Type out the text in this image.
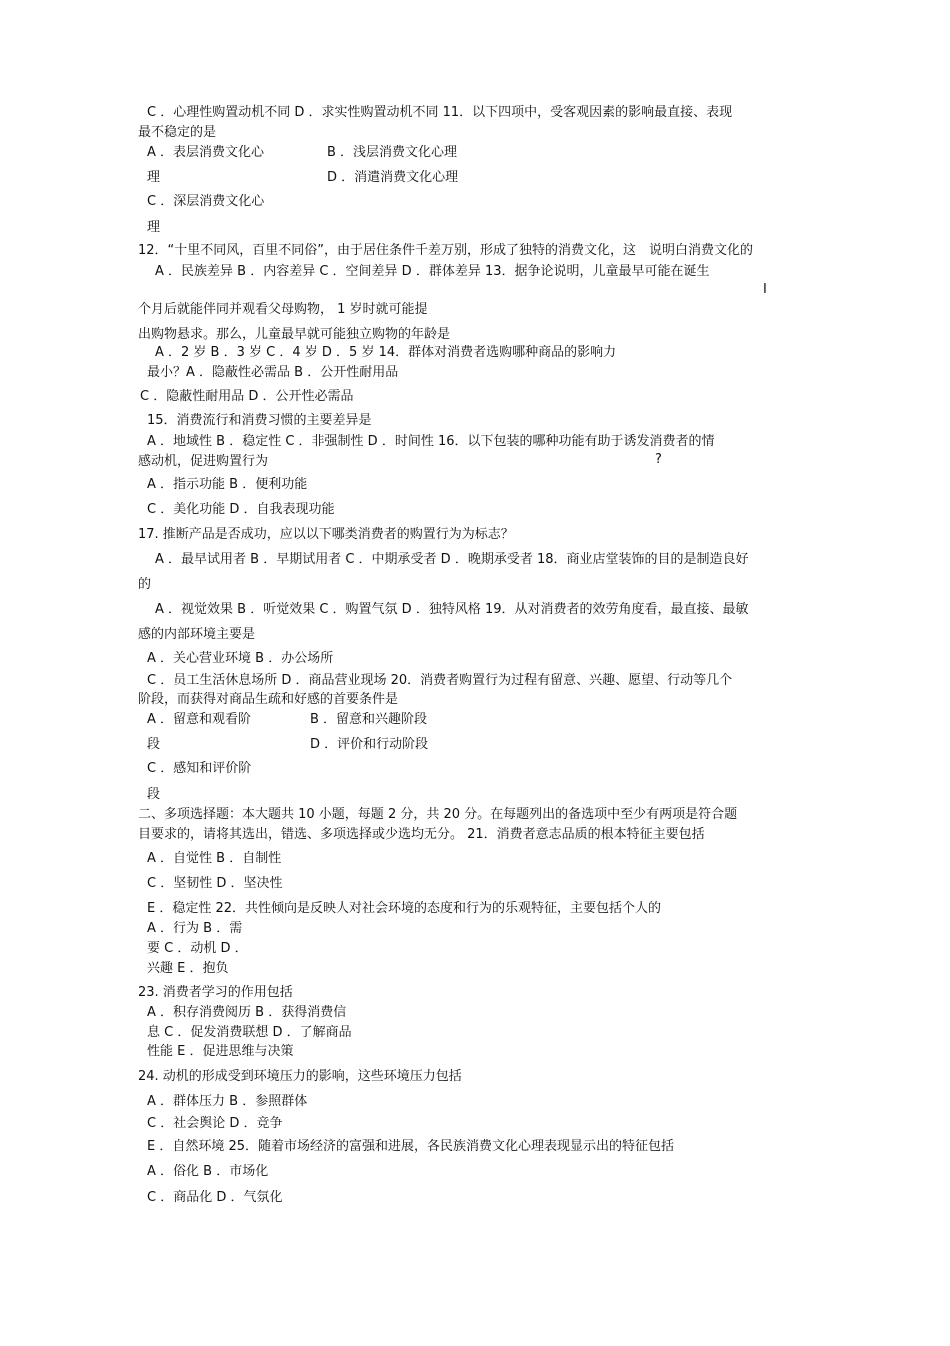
C ．心理性购置动机不同 D ．求实性购置动机不同 11．以下四项中，受客观因素的影响最直接、表现
最不稳定的是
A ．表层消费文化心	B ．浅层消费文化心理
理	D ．消遣消费文化心理
C ．深层消费文化心
理
12．“十里不同风，百里不同俗”，由于居住条件千差万别，形成了独特的消费文化，这　说明白消费文化的
A ．民族差异 B ．内容差异 C ．空间差异 D ．群体差异 13．据争论说明，儿童最早可能在诞生
I
个月后就能伴同并观看父母购物， 1 岁时就可能提
出购物悬求。那么，儿童最早就可能独立购物的年龄是
A ．2 岁 B ．3 岁 C ．4 岁 D ．5 岁 14．群体对消费者选购哪种商品的影响力
最小？A ．隐蔽性必需品 B ．公开性耐用品
C ．隐蔽性耐用品 D ．公开性必需品
15．消费流行和消费习惯的主要差异是
A ．地域性 B ．稳定性 C ．非强制性 D ．时间性 16．以下包装的哪种功能有助于诱发消费者的情
感动机，促进购置行为	?
A ．指示功能 B ．便利功能
C ．美化功能 D ．自我表现功能
17. 推断产品是否成功，应以以下哪类消费者的购置行为为标志？
A ．最早试用者 B ．早期试用者 C ．中期承受者 D ．晚期承受者 18．商业店堂装饰的目的是制造良好
的
A ．视觉效果 B ．听觉效果 C ．购置气氛 D ．独特风格 19．从对消费者的效劳角度看，最直接、最敏
感的内部环境主要是
A ．关心营业环境 B ．办公场所
C ．员工生活休息场所 D ．商品营业现场 20．消费者购置行为过程有留意、兴趣、愿望、行动等几个
阶段，而获得对商品生疏和好感的首要条件是
A ．留意和观看阶	B ．留意和兴趣阶段
段	D ．评价和行动阶段
C ．感知和评价阶
段
二、多项选择题：本大题共 10 小题，每题 2 分，共 20 分。在每题列出的备选项中至少有两项是符合题
目要求的，请将其选出，错选、多项选择或少选均无分。 21．消费者意志品质的根本特征主要包括
A ．自觉性 B ．自制性
C ．坚韧性 D ．坚决性
E ．稳定性 22．共性倾向是反映人对社会环境的态度和行为的乐观特征，主要包括个人的
A ．行为 B ．需
要 C ．动机 D ．
兴趣 E ．抱负
23. 消费者学习的作用包括
A ．积存消费阅历 B ．获得消费信
息 C ．促发消费联想 D ．了解商品
性能 E ．促进思维与决策
24. 动机的形成受到环境压力的影响，这些环境压力包括
A ．群体压力 B ．参照群体
C ．社会舆论 D ．竞争
E ．自然环境 25．随着市场经济的富强和进展，各民族消费文化心理表现显示出的特征包括
A ．俗化 B ．市场化
C ．商品化 D ．气氛化
